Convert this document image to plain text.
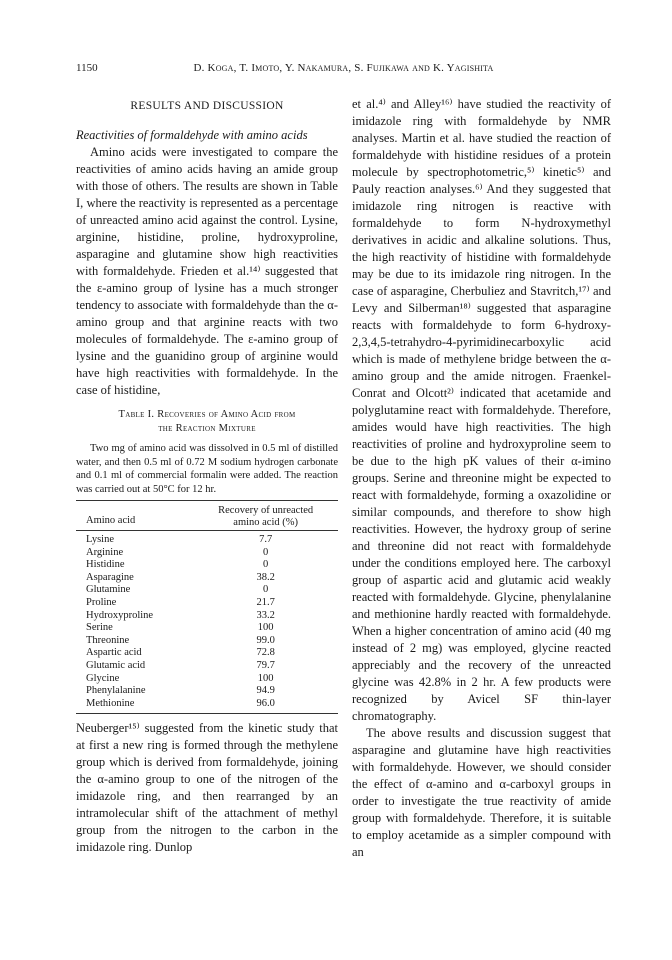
1150	D. Koga, T. Imoto, Y. Nakamura, S. Fujikawa and K. Yagishita
RESULTS AND DISCUSSION

Reactivities of formaldehyde with amino acids

Amino acids were investigated to compare the reactivities of amino acids having an amide group with those of others. The results are shown in Table I, where the reactivity is represented as a percentage of unreacted amino acid against the control. Lysine, arginine, histidine, proline, hydroxyproline, asparagine and glutamine show high reactivities with formaldehyde. Frieden et al.¹⁴⁾ suggested that the ε-amino group of lysine has a much stronger tendency to associate with formaldehyde than the α-amino group and that arginine reacts with two molecules of formaldehyde. The ε-amino group of lysine and the guanidino group of arginine would have high reactivities with formaldehyde. In the case of histidine,

Table I. Recoveries of Amino Acid from
the Reaction Mixture

Two mg of amino acid was dissolved in 0.5 ml of distilled water, and then 0.5 ml of 0.72 M sodium hydrogen carbonate and 0.1 ml of commercial formalin were added. The reaction was carried out at 50°C for 12 hr.

Amino acid	Recovery of unreacted
amino acid (%)

Lysine	7.7
Arginine	0
Histidine	0
Asparagine	38.2
Glutamine	0
Proline	21.7
Hydroxyproline	33.2
Serine	100
Threonine	99.0
Aspartic acid	72.8
Glutamic acid	79.7
Glycine	100
Phenylalanine	94.9
Methionine	96.0

Neuberger¹⁵⁾ suggested from the kinetic study that at first a new ring is formed through the methylene group which is derived from formaldehyde, joining the α-amino group to one of the nitrogen of the imidazole ring, and then rearranged by an intramolecular shift of the attachment of methyl group from the nitrogen to the carbon in the imidazole ring. Dunlop

et al.⁴⁾ and Alley¹⁶⁾ have studied the reactivity of imidazole ring with formaldehyde by NMR analyses. Martin et al. have studied the reaction of formaldehyde with histidine residues of a protein molecule by spectrophotometric,⁵⁾ kinetic⁵⁾ and Pauly reaction analyses.⁶⁾ And they suggested that imidazole ring nitrogen is reactive with formaldehyde to form N-hydroxymethyl derivatives in acidic and alkaline solutions. Thus, the high reactivity of histidine with formaldehyde may be due to its imidazole ring nitrogen. In the case of asparagine, Cherbuliez and Stavritch,¹⁷⁾ and Levy and Silberman¹⁸⁾ suggested that asparagine reacts with formaldehyde to form 6-hydroxy-2,3,4,5-tetrahydro-4-pyrimidinecarboxylic acid which is made of methylene bridge between the α-amino group and the amide nitrogen. Fraenkel-Conrat and Olcott²⁾ indicated that acetamide and polyglutamine react with formaldehyde. Therefore, amides would have high reactivities. The high reactivities of proline and hydroxyproline seem to be due to the high pK values of their α-imino groups. Serine and threonine might be expected to react with formaldehyde, forming a oxazolidine or similar compounds, and therefore to show high reactivities. However, the hydroxy group of serine and threonine did not react with formaldehyde under the conditions employed here. The carboxyl group of aspartic acid and glutamic acid weakly reacted with formaldehyde. Glycine, phenylalanine and methionine hardly reacted with formaldehyde. When a higher concentration of amino acid (40 mg instead of 2 mg) was employed, glycine reacted appreciably and the recovery of the unreacted glycine was 42.8% in 2 hr. A few products were recognized by Avicel SF thin-layer chromatography.

The above results and discussion suggest that asparagine and glutamine have high reactivities with formaldehyde. However, we should consider the effect of α-amino and α-carboxyl groups in order to investigate the true reactivity of amide group with formaldehyde. Therefore, it is suitable to employ acetamide as a simpler compound with an
